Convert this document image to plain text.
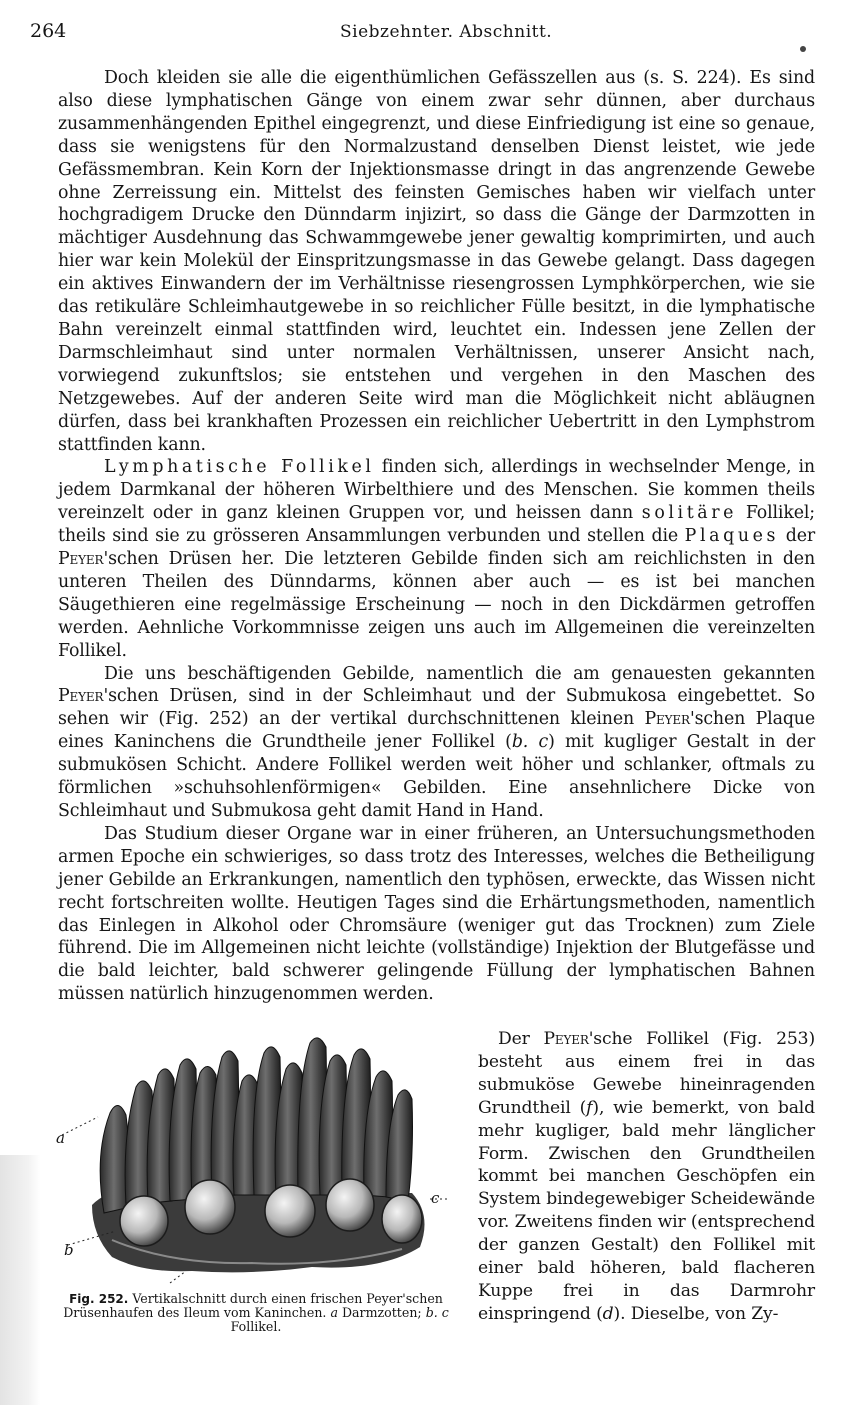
264	Siebzehnter. Abschnitt.

Doch kleiden sie alle die eigenthümlichen Gefässzellen aus (s. S. 224). Es sind also diese lymphatischen Gänge von einem zwar sehr dünnen, aber durchaus zusammenhängenden Epithel eingegrenzt, und diese Einfriedigung ist eine so genaue, dass sie wenigstens für den Normalzustand denselben Dienst leistet, wie jede Gefässmembran. Kein Korn der Injektionsmasse dringt in das angrenzende Gewebe ohne Zerreissung ein. Mittelst des feinsten Gemisches haben wir vielfach unter hochgradigem Drucke den Dünndarm injizirt, so dass die Gänge der Darmzotten in mächtiger Ausdehnung das Schwammgewebe jener gewaltig komprimirten, und auch hier war kein Molekül der Einspritzungsmasse in das Gewebe gelangt. Dass dagegen ein aktives Einwandern der im Verhältnisse riesengrossen Lymphkörperchen, wie sie das retikuläre Schleimhautgewebe in so reichlicher Fülle besitzt, in die lymphatische Bahn vereinzelt einmal stattfinden wird, leuchtet ein. Indessen jene Zellen der Darmschleimhaut sind unter normalen Verhältnissen, unserer Ansicht nach, vorwiegend zukunftslos; sie entstehen und vergehen in den Maschen des Netzgewebes. Auf der anderen Seite wird man die Möglichkeit nicht abläugnen dürfen, dass bei krankhaften Prozessen ein reichlicher Uebertritt in den Lymphstrom stattfinden kann.

Lymphatische Follikel finden sich, allerdings in wechselnder Menge, in jedem Darmkanal der höheren Wirbelthiere und des Menschen. Sie kommen theils vereinzelt oder in ganz kleinen Gruppen vor, und heissen dann solitäre Follikel; theils sind sie zu grösseren Ansammlungen verbunden und stellen die Plaques der Peyer'schen Drüsen her. Die letzteren Gebilde finden sich am reichlichsten in den unteren Theilen des Dünndarms, können aber auch — es ist bei manchen Säugethieren eine regelmässige Erscheinung — noch in den Dickdärmen getroffen werden. Aehnliche Vorkommnisse zeigen uns auch im Allgemeinen die vereinzelten Follikel.

Die uns beschäftigenden Gebilde, namentlich die am genauesten gekannten Peyer'schen Drüsen, sind in der Schleimhaut und der Submukosa eingebettet. So sehen wir (Fig. 252) an der vertikal durchschnittenen kleinen Peyer'schen Plaque eines Kaninchens die Grundtheile jener Follikel (b. c) mit kugliger Gestalt in der submukösen Schicht. Andere Follikel werden weit höher und schlanker, oftmals zu förmlichen »schuhsohlenförmigen« Gebilden. Eine ansehnlichere Dicke von Schleimhaut und Submukosa geht damit Hand in Hand.

Das Studium dieser Organe war in einer früheren, an Untersuchungsmethoden armen Epoche ein schwieriges, so dass trotz des Interesses, welches die Betheiligung jener Gebilde an Erkrankungen, namentlich den typhösen, erweckte, das Wissen nicht recht fortschreiten wollte. Heutigen Tages sind die Erhärtungsmethoden, namentlich das Einlegen in Alkohol oder Chromsäure (weniger gut das Trocknen) zum Ziele führend. Die im Allgemeinen nicht leichte (vollständige) Injektion der Blutgefässe und die bald leichter, bald schwerer gelingende Füllung der lymphatischen Bahnen müssen natürlich hinzugenommen werden.

Der Peyer'sche Follikel (Fig. 253) besteht aus einem frei in das submuköse Gewebe hineinragenden Grundtheil (f), wie bemerkt, von bald mehr kugliger, bald mehr länglicher Form. Zwischen den Grundtheilen kommt bei manchen Geschöpfen ein System bindegewebiger Scheidewände vor. Zweitens finden wir (entsprechend der ganzen Gestalt) den Follikel mit einer bald höheren, bald flacheren Kuppe frei in das Darmrohr einspringend (d). Dieselbe, von Zy-

a
b
c
Fig. 252. Vertikalschnitt durch einen frischen Peyer'schen Drüsenhaufen des Ileum vom Kaninchen. a Darmzotten; b. c Follikel.
